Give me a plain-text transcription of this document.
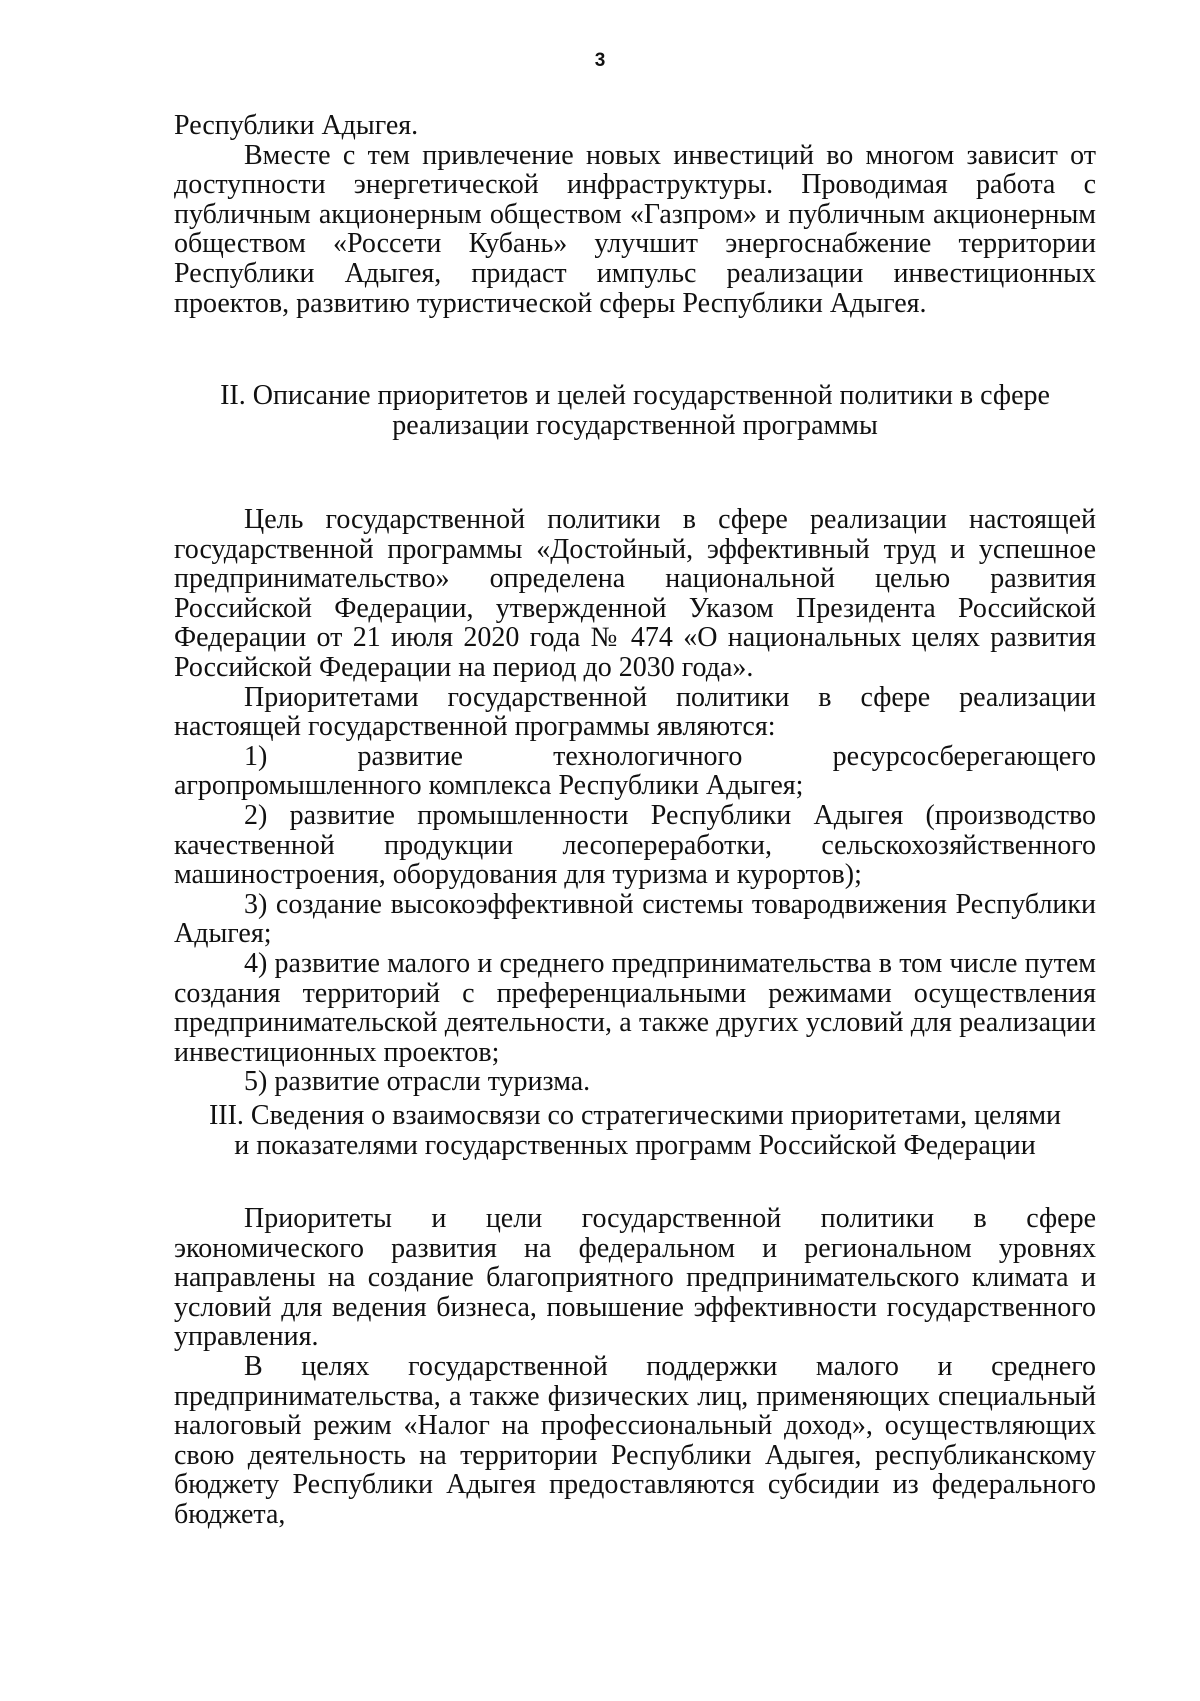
3

Республики Адыгея.

Вместе с тем привлечение новых инвестиций во многом зависит от доступности энергетической инфраструктуры. Проводимая работа с публичным акционерным обществом «Газпром» и публичным акционерным обществом «Россети Кубань» улучшит энергоснабжение территории Республики Адыгея, придаст импульс реализации инвестиционных проектов, развитию туристической сферы Республики Адыгея.

II. Описание приоритетов и целей государственной политики в сфере
реализации государственной программы

Цель государственной политики в сфере реализации настоящей государственной программы «Достойный, эффективный труд и успешное предпринимательство» определена национальной целью развития Российской Федерации, утвержденной Указом Президента Российской Федерации от 21 июля 2020 года № 474 «О национальных целях развития Российской Федерации на период до 2030 года».

Приоритетами государственной политики в сфере реализации настоящей государственной программы являются:

1) развитие технологичного ресурсосберегающего агропромышленного комплекса Республики Адыгея;

2) развитие промышленности Республики Адыгея (производство качественной продукции лесопереработки, сельскохозяйственного машиностроения, оборудования для туризма и курортов);

3) создание высокоэффективной системы товародвижения Республики Адыгея;

4) развитие малого и среднего предпринимательства в том числе путем создания территорий с преференциальными режимами осуществления предпринимательской деятельности, а также других условий для реализации инвестиционных проектов;

5) развитие отрасли туризма.

III. Сведения о взаимосвязи со стратегическими приоритетами, целями
и показателями государственных программ Российской Федерации

Приоритеты и цели государственной политики в сфере экономического развития на федеральном и региональном уровнях направлены на создание благоприятного предпринимательского климата и условий для ведения бизнеса, повышение эффективности государственного управления.

В целях государственной поддержки малого и среднего предпринимательства, а также физических лиц, применяющих специальный налоговый режим «Налог на профессиональный доход», осуществляющих свою деятельность на территории Республики Адыгея, республиканскому бюджету Республики Адыгея предоставляются субсидии из федерального бюджета,
